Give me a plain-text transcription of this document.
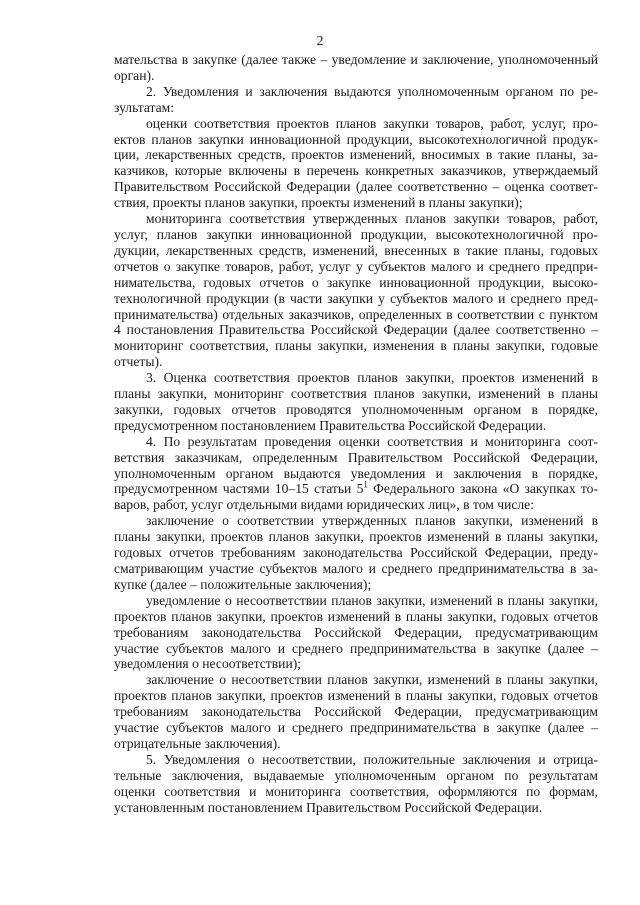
2

мательства в закупке (далее также – уведомление и заключение, уполномоченный орган).

2. Уведомления и заключения выдаются уполномоченным органом по результатам:

оценки соответствия проектов планов закупки товаров, работ, услуг, проектов планов закупки инновационной продукции, высокотехнологичной продукции, лекарственных средств, проектов изменений, вносимых в такие планы, заказчиков, которые включены в перечень конкретных заказчиков, утверждаемый Правительством Российской Федерации (далее соответственно – оценка соответствия, проекты планов закупки, проекты изменений в планы закупки);

мониторинга соответствия утвержденных планов закупки товаров, работ, услуг, планов закупки инновационной продукции, высокотехнологичной продукции, лекарственных средств, изменений, внесенных в такие планы, годовых отчетов о закупке товаров, работ, услуг у субъектов малого и среднего предпринимательства, годовых отчетов о закупке инновационной продукции, высокотехнологичной продукции (в части закупки у субъектов малого и среднего предпринимательства) отдельных заказчиков, определенных в соответствии с пунктом 4 постановления Правительства Российской Федерации (далее соответственно – мониторинг соответствия, планы закупки, изменения в планы закупки, годовые отчеты).

3. Оценка соответствия проектов планов закупки, проектов изменений в планы закупки, мониторинг соответствия планов закупки, изменений в планы закупки, годовых отчетов проводятся уполномоченным органом в порядке, предусмотренном постановлением Правительства Российской Федерации.

4. По результатам проведения оценки соответствия и мониторинга соответствия заказчикам, определенным Правительством Российской Федерации, уполномоченным органом выдаются уведомления и заключения в порядке, предусмотренном частями 10–15 статьи $5^1$ Федерального закона «О закупках товаров, работ, услуг отдельными видами юридических лиц», в том числе:

заключение о соответствии утвержденных планов закупки, изменений в планы закупки, проектов планов закупки, проектов изменений в планы закупки, годовых отчетов требованиям законодательства Российской Федерации, предусматривающим участие субъектов малого и среднего предпринимательства в закупке (далее – положительные заключения);

уведомление о несоответствии планов закупки, изменений в планы закупки, проектов планов закупки, проектов изменений в планы закупки, годовых отчетов требованиям законодательства Российской Федерации, предусматривающим участие субъектов малого и среднего предпринимательства в закупке (далее – уведомления о несоответствии);

заключение о несоответствии планов закупки, изменений в планы закупки, проектов планов закупки, проектов изменений в планы закупки, годовых отчетов требованиям законодательства Российской Федерации, предусматривающим участие субъектов малого и среднего предпринимательства в закупке (далее – отрицательные заключения).

5. Уведомления о несоответствии, положительные заключения и отрицательные заключения, выдаваемые уполномоченным органом по результатам оценки соответствия и мониторинга соответствия, оформляются по формам, установленным постановлением Правительством Российской Федерации.
